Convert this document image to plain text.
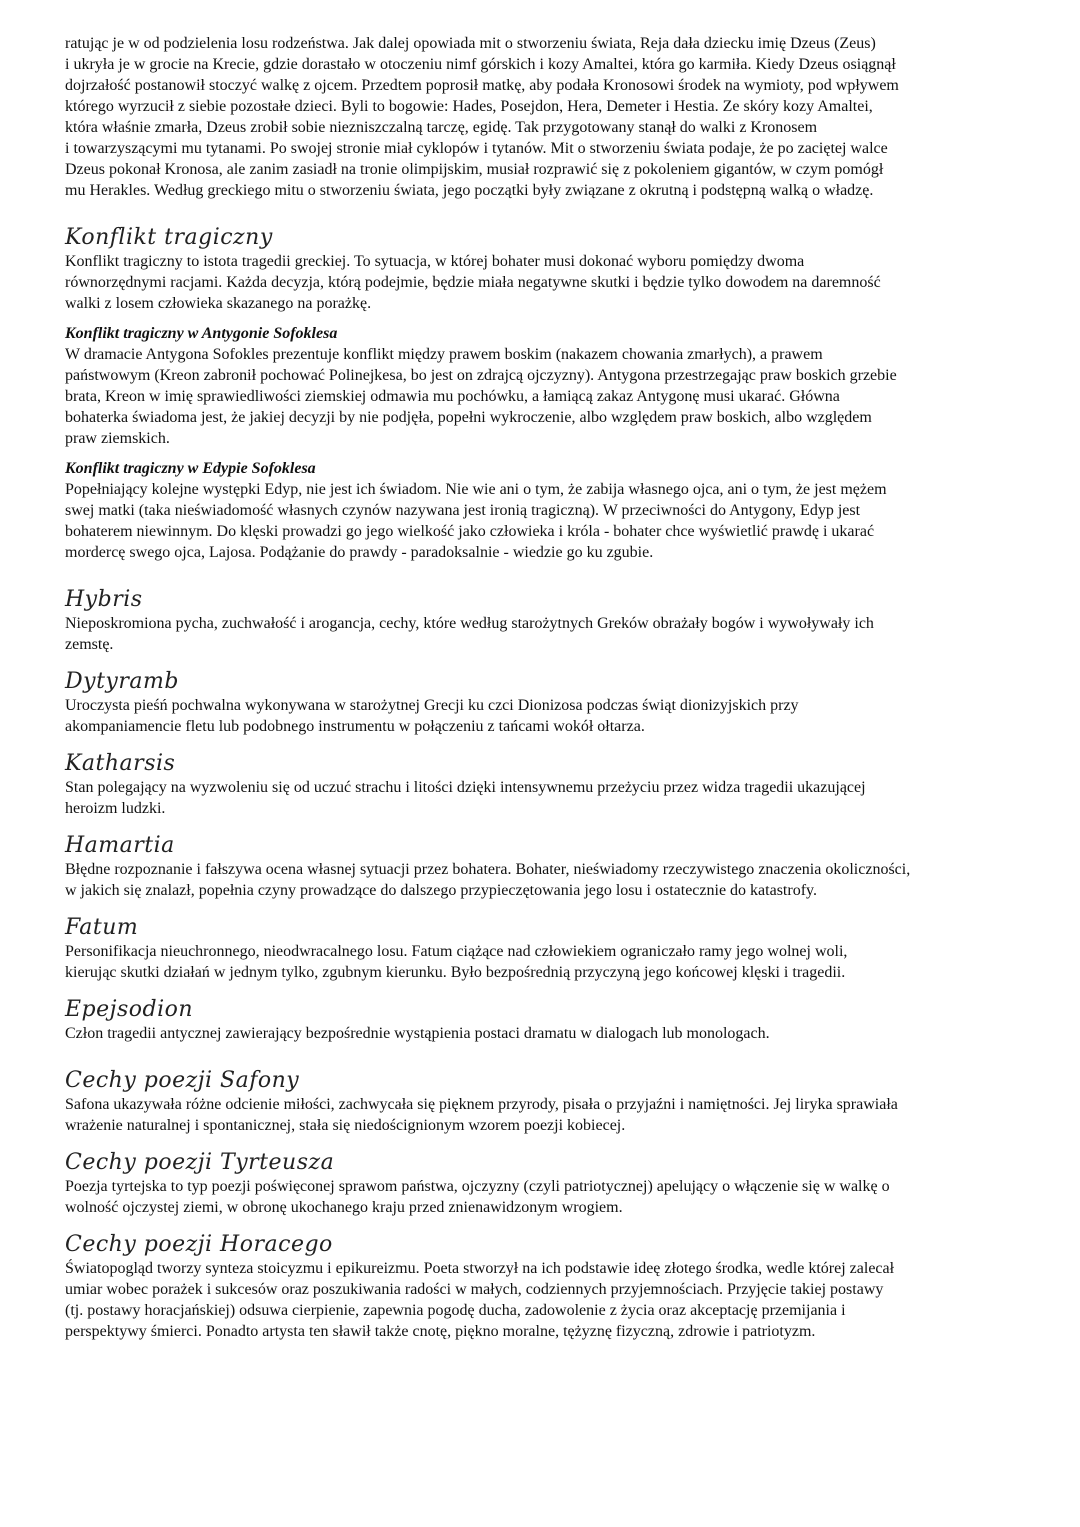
ratując je w od podzielenia losu rodzeństwa. Jak dalej opowiada mit o stworzeniu świata, Reja dała dziecku imię Dzeus (Zeus)
i ukryła je w grocie na Krecie, gdzie dorastało w otoczeniu nimf górskich i kozy Amaltei, która go karmiła. Kiedy Dzeus osiągnął
dojrzałość postanowił stoczyć walkę z ojcem. Przedtem poprosił matkę, aby podała Kronosowi środek na wymioty, pod wpływem
którego wyrzucił z siebie pozostałe dzieci. Byli to bogowie: Hades, Posejdon, Hera, Demeter i Hestia. Ze skóry kozy Amaltei,
która właśnie zmarła, Dzeus zrobił sobie niezniszczalną tarczę, egidę. Tak przygotowany stanął do walki z Kronosem
i towarzyszącymi mu tytanami. Po swojej stronie miał cyklopów i tytanów. Mit o stworzeniu świata podaje, że po zaciętej walce
Dzeus pokonał Kronosa, ale zanim zasiadł na tronie olimpijskim, musiał rozprawić się z pokoleniem gigantów, w czym pomógł
mu Herakles. Według greckiego mitu o stworzeniu świata, jego początki były związane z okrutną i podstępną walką o władzę.
Konflikt tragiczny
Konflikt tragiczny to istota tragedii greckiej. To sytuacja, w której bohater musi dokonać wyboru pomiędzy dwoma
równorzędnymi racjami. Każda decyzja, którą podejmie, będzie miała negatywne skutki i będzie tylko dowodem na daremność
walki z losem człowieka skazanego na porażkę.
Konflikt tragiczny w Antygonie Sofoklesa
W dramacie Antygona Sofokles prezentuje konflikt między prawem boskim (nakazem chowania zmarłych), a prawem
państwowym (Kreon zabronił pochować Polinejkesa, bo jest on zdrajcą ojczyzny). Antygona przestrzegając praw boskich grzebie
brata, Kreon w imię sprawiedliwości ziemskiej odmawia mu pochówku, a łamiącą zakaz Antygonę musi ukarać. Główna
bohaterka świadoma jest, że jakiej decyzji by nie podjęła, popełni wykroczenie, albo względem praw boskich, albo względem
praw ziemskich.
Konflikt tragiczny w Edypie Sofoklesa
Popełniający kolejne występki Edyp, nie jest ich świadom. Nie wie ani o tym, że zabija własnego ojca, ani o tym, że jest mężem
swej matki (taka nieświadomość własnych czynów nazywana jest ironią tragiczną). W przeciwności do Antygony, Edyp jest
bohaterem niewinnym. Do klęski prowadzi go jego wielkość jako człowieka i króla - bohater chce wyświetlić prawdę i ukarać
mordercę swego ojca, Lajosa. Podążanie do prawdy - paradoksalnie - wiedzie go ku zgubie.
Hybris
Nieposkromiona pycha, zuchwałość i arogancja, cechy, które według starożytnych Greków obrażały bogów i wywoływały ich
zemstę.
Dytyramb
Uroczysta pieśń pochwalna wykonywana w starożytnej Grecji ku czci Dionizosa podczas świąt dionizyjskich przy
akompaniamencie fletu lub podobnego instrumentu w połączeniu z tańcami wokół ołtarza.
Katharsis
Stan polegający na wyzwoleniu się od uczuć strachu i litości dzięki intensywnemu przeżyciu przez widza tragedii ukazującej
heroizm ludzki.
Hamartia
Błędne rozpoznanie i fałszywa ocena własnej sytuacji przez bohatera. Bohater, nieświadomy rzeczywistego znaczenia okoliczności,
w jakich się znalazł, popełnia czyny prowadzące do dalszego przypieczętowania jego losu i ostatecznie do katastrofy.
Fatum
Personifikacja nieuchronnego, nieodwracalnego losu. Fatum ciążące nad człowiekiem ograniczało ramy jego wolnej woli,
kierując skutki działań w jednym tylko, zgubnym kierunku. Było bezpośrednią przyczyną jego końcowej klęski i tragedii.
Epejsodion
Człon tragedii antycznej zawierający bezpośrednie wystąpienia postaci dramatu w dialogach lub monologach.
Cechy poezji Safony
Safona ukazywała różne odcienie miłości, zachwycała się pięknem przyrody, pisała o przyjaźni i namiętności. Jej liryka sprawiała
wrażenie naturalnej i spontanicznej, stała się niedoścignionym wzorem poezji kobiecej.
Cechy poezji Tyrteusza
Poezja tyrtejska to typ poezji poświęconej sprawom państwa, ojczyzny (czyli patriotycznej) apelujący o włączenie się w walkę o
wolność ojczystej ziemi, w obronę ukochanego kraju przed znienawidzonym wrogiem.
Cechy poezji Horacego
Światopogląd tworzy synteza stoicyzmu i epikureizmu. Poeta stworzył na ich podstawie ideę złotego środka, wedle której zalecał
umiar wobec porażek i sukcesów oraz poszukiwania radości w małych, codziennych przyjemnościach. Przyjęcie takiej postawy
(tj. postawy horacjańskiej) odsuwa cierpienie, zapewnia pogodę ducha, zadowolenie z życia oraz akceptację przemijania i
perspektywy śmierci. Ponadto artysta ten sławił także cnotę, piękno moralne, tężyznę fizyczną, zdrowie i patriotyzm.
